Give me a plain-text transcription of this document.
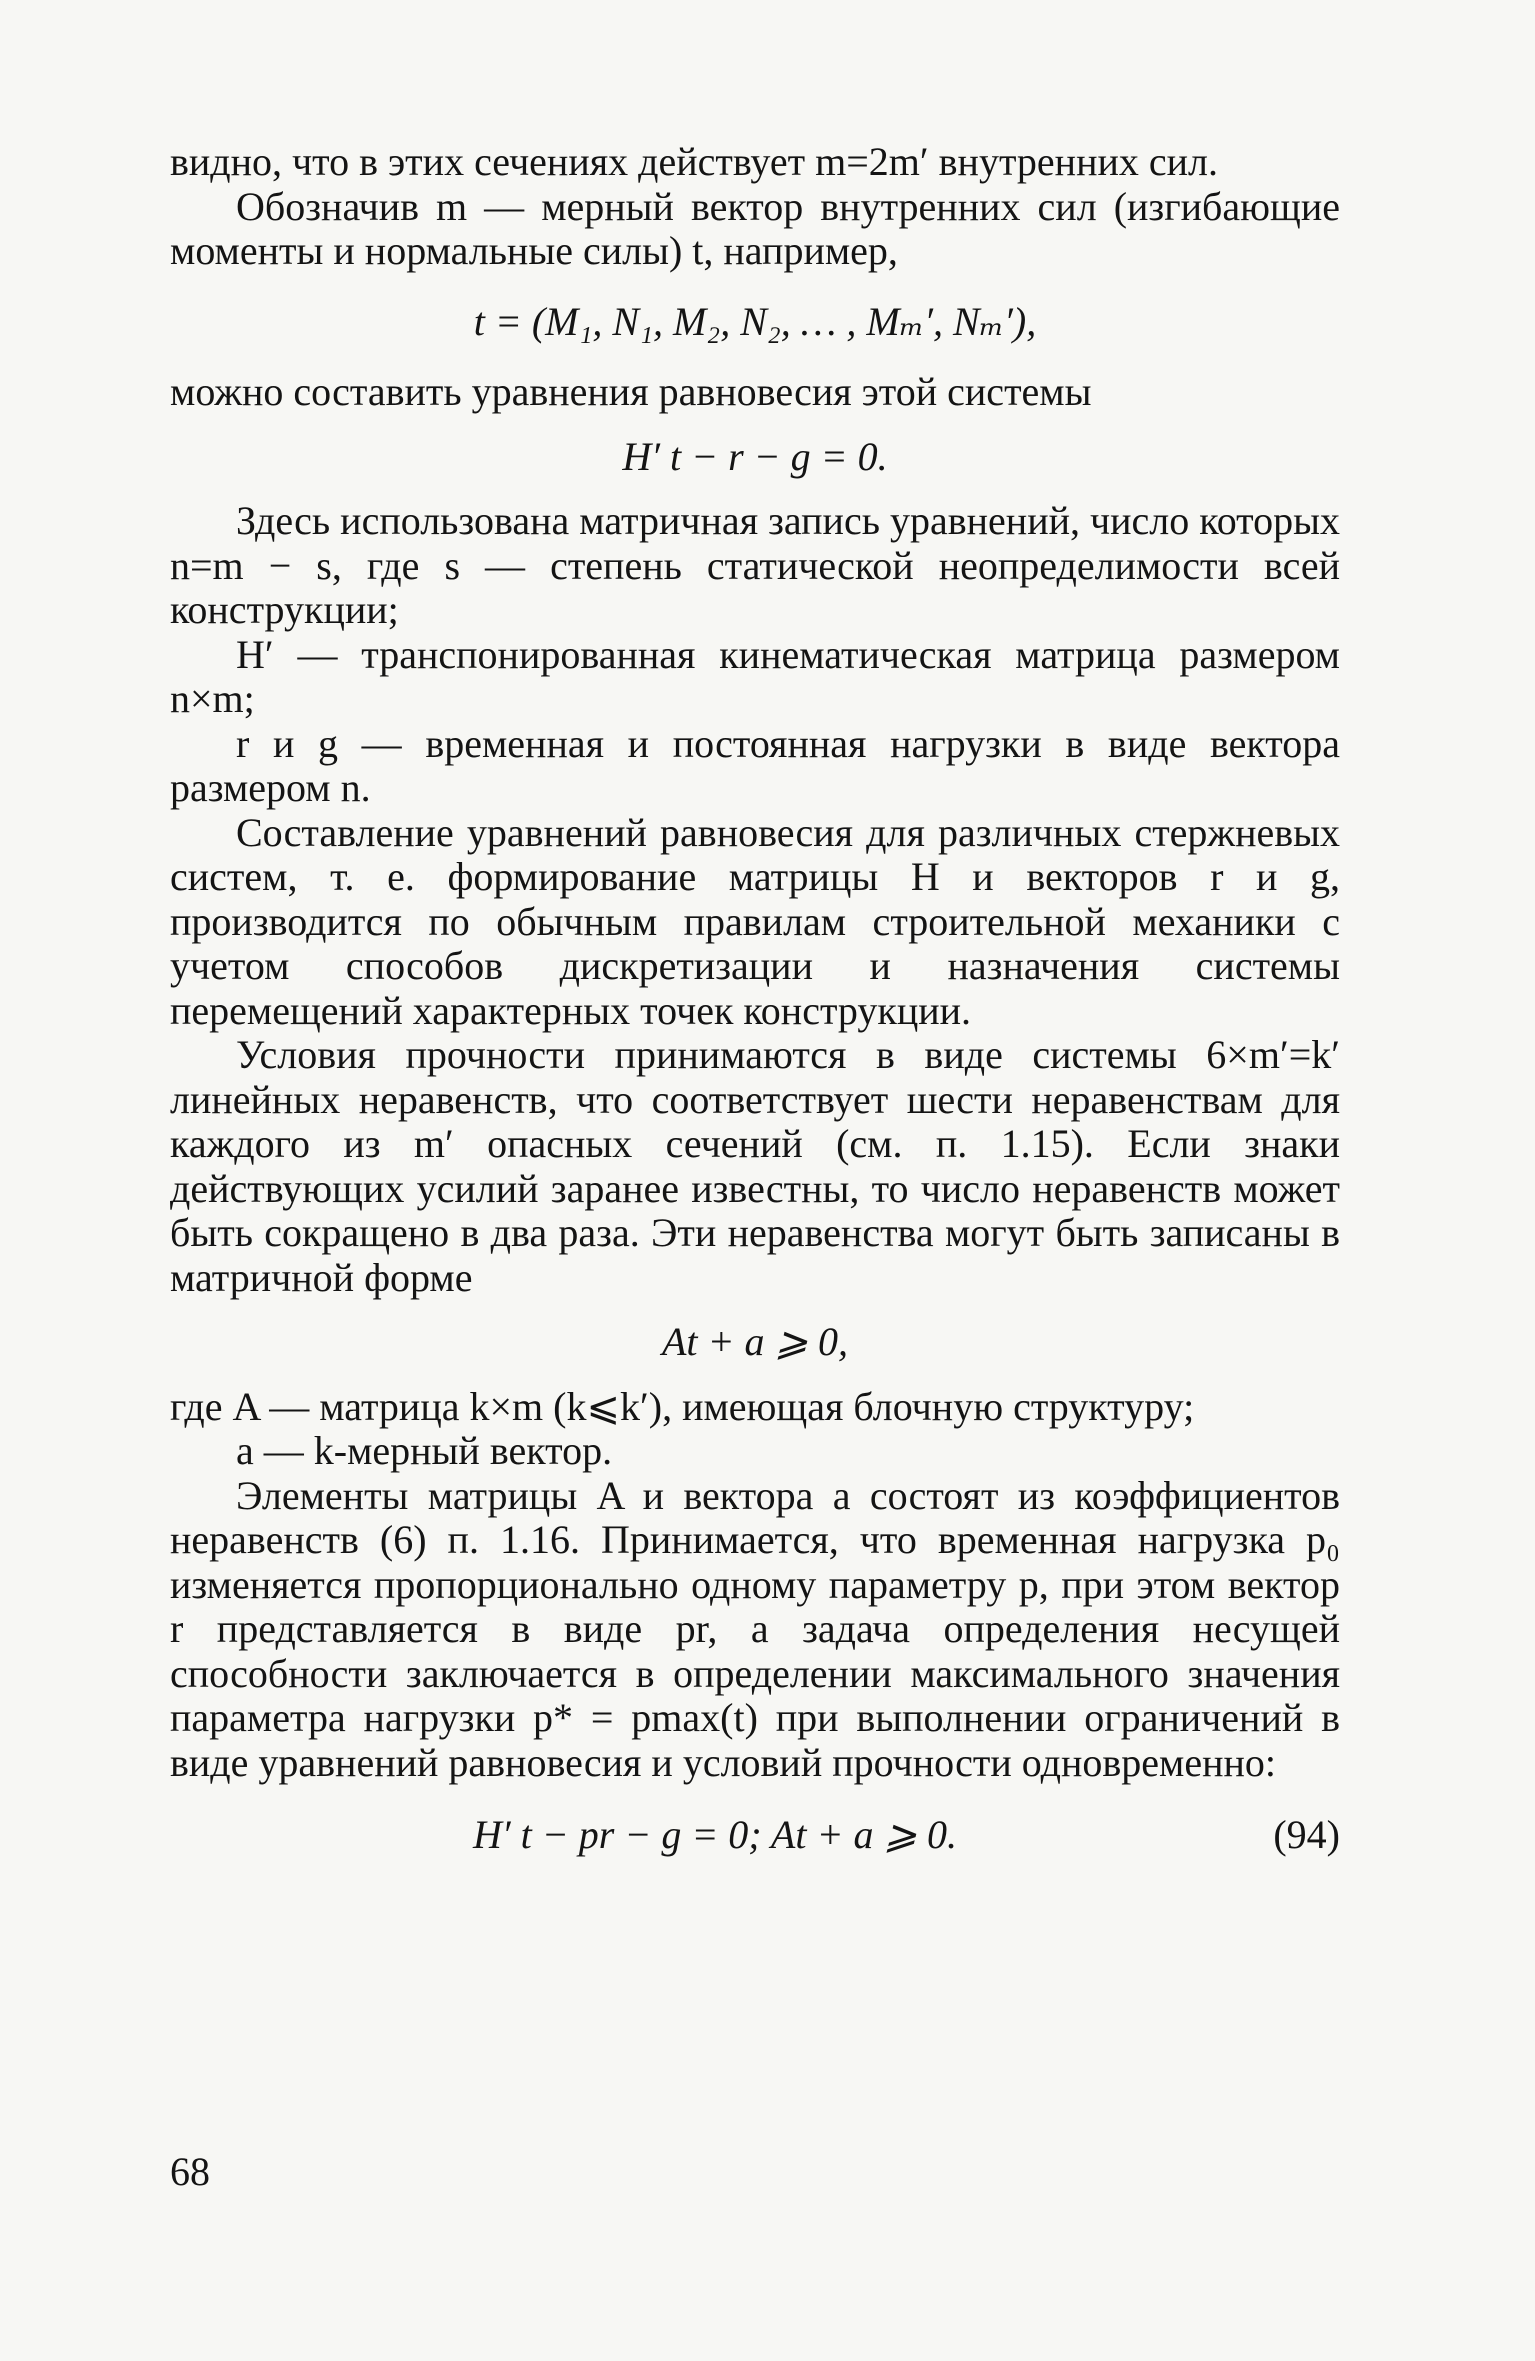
видно, что в этих сечениях действует m=2m′ внутренних сил.

Обозначив m — мерный вектор внутренних сил (изгибающие моменты и нормальные силы) t, например,

t = (M₁, N₁, M₂, N₂, … , Mₘ′, Nₘ′),

можно составить уравнения равновесия этой системы

H′ t − r − g = 0.

Здесь использована матричная запись уравнений, число которых n=m − s, где s — степень статической неопределимости всей конструкции;

H′ — транспонированная кинематическая матрица размером n×m;

r и g — временная и постоянная нагрузки в виде вектора размером n.

Составление уравнений равновесия для различных стержневых систем, т. е. формирование матрицы H и векторов r и g, производится по обычным правилам строительной механики с учетом способов дискретизации и назначения системы перемещений характерных точек конструкции.

Условия прочности принимаются в виде системы 6×m′=k′ линейных неравенств, что соответствует шести неравенствам для каждого из m′ опасных сечений (см. п. 1.15). Если знаки действующих усилий заранее известны, то число неравенств может быть сокращено в два раза. Эти неравенства могут быть записаны в матричной форме

At + a ⩾ 0,

где A — матрица k×m (k⩽k′), имеющая блочную структуру;

a — k-мерный вектор.

Элементы матрицы A и вектора a состоят из коэффициентов неравенств (6) п. 1.16. Принимается, что временная нагрузка p₀ изменяется пропорционально одному параметру p, при этом вектор r представляется в виде pr, а задача определения несущей способности заключается в определении максимального значения параметра нагрузки p* = pmax(t) при выполнении ограничений в виде уравнений равновесия и условий прочности одновременно:

H′ t − pr − g = 0; At + a ⩾ 0.	(94)
68
